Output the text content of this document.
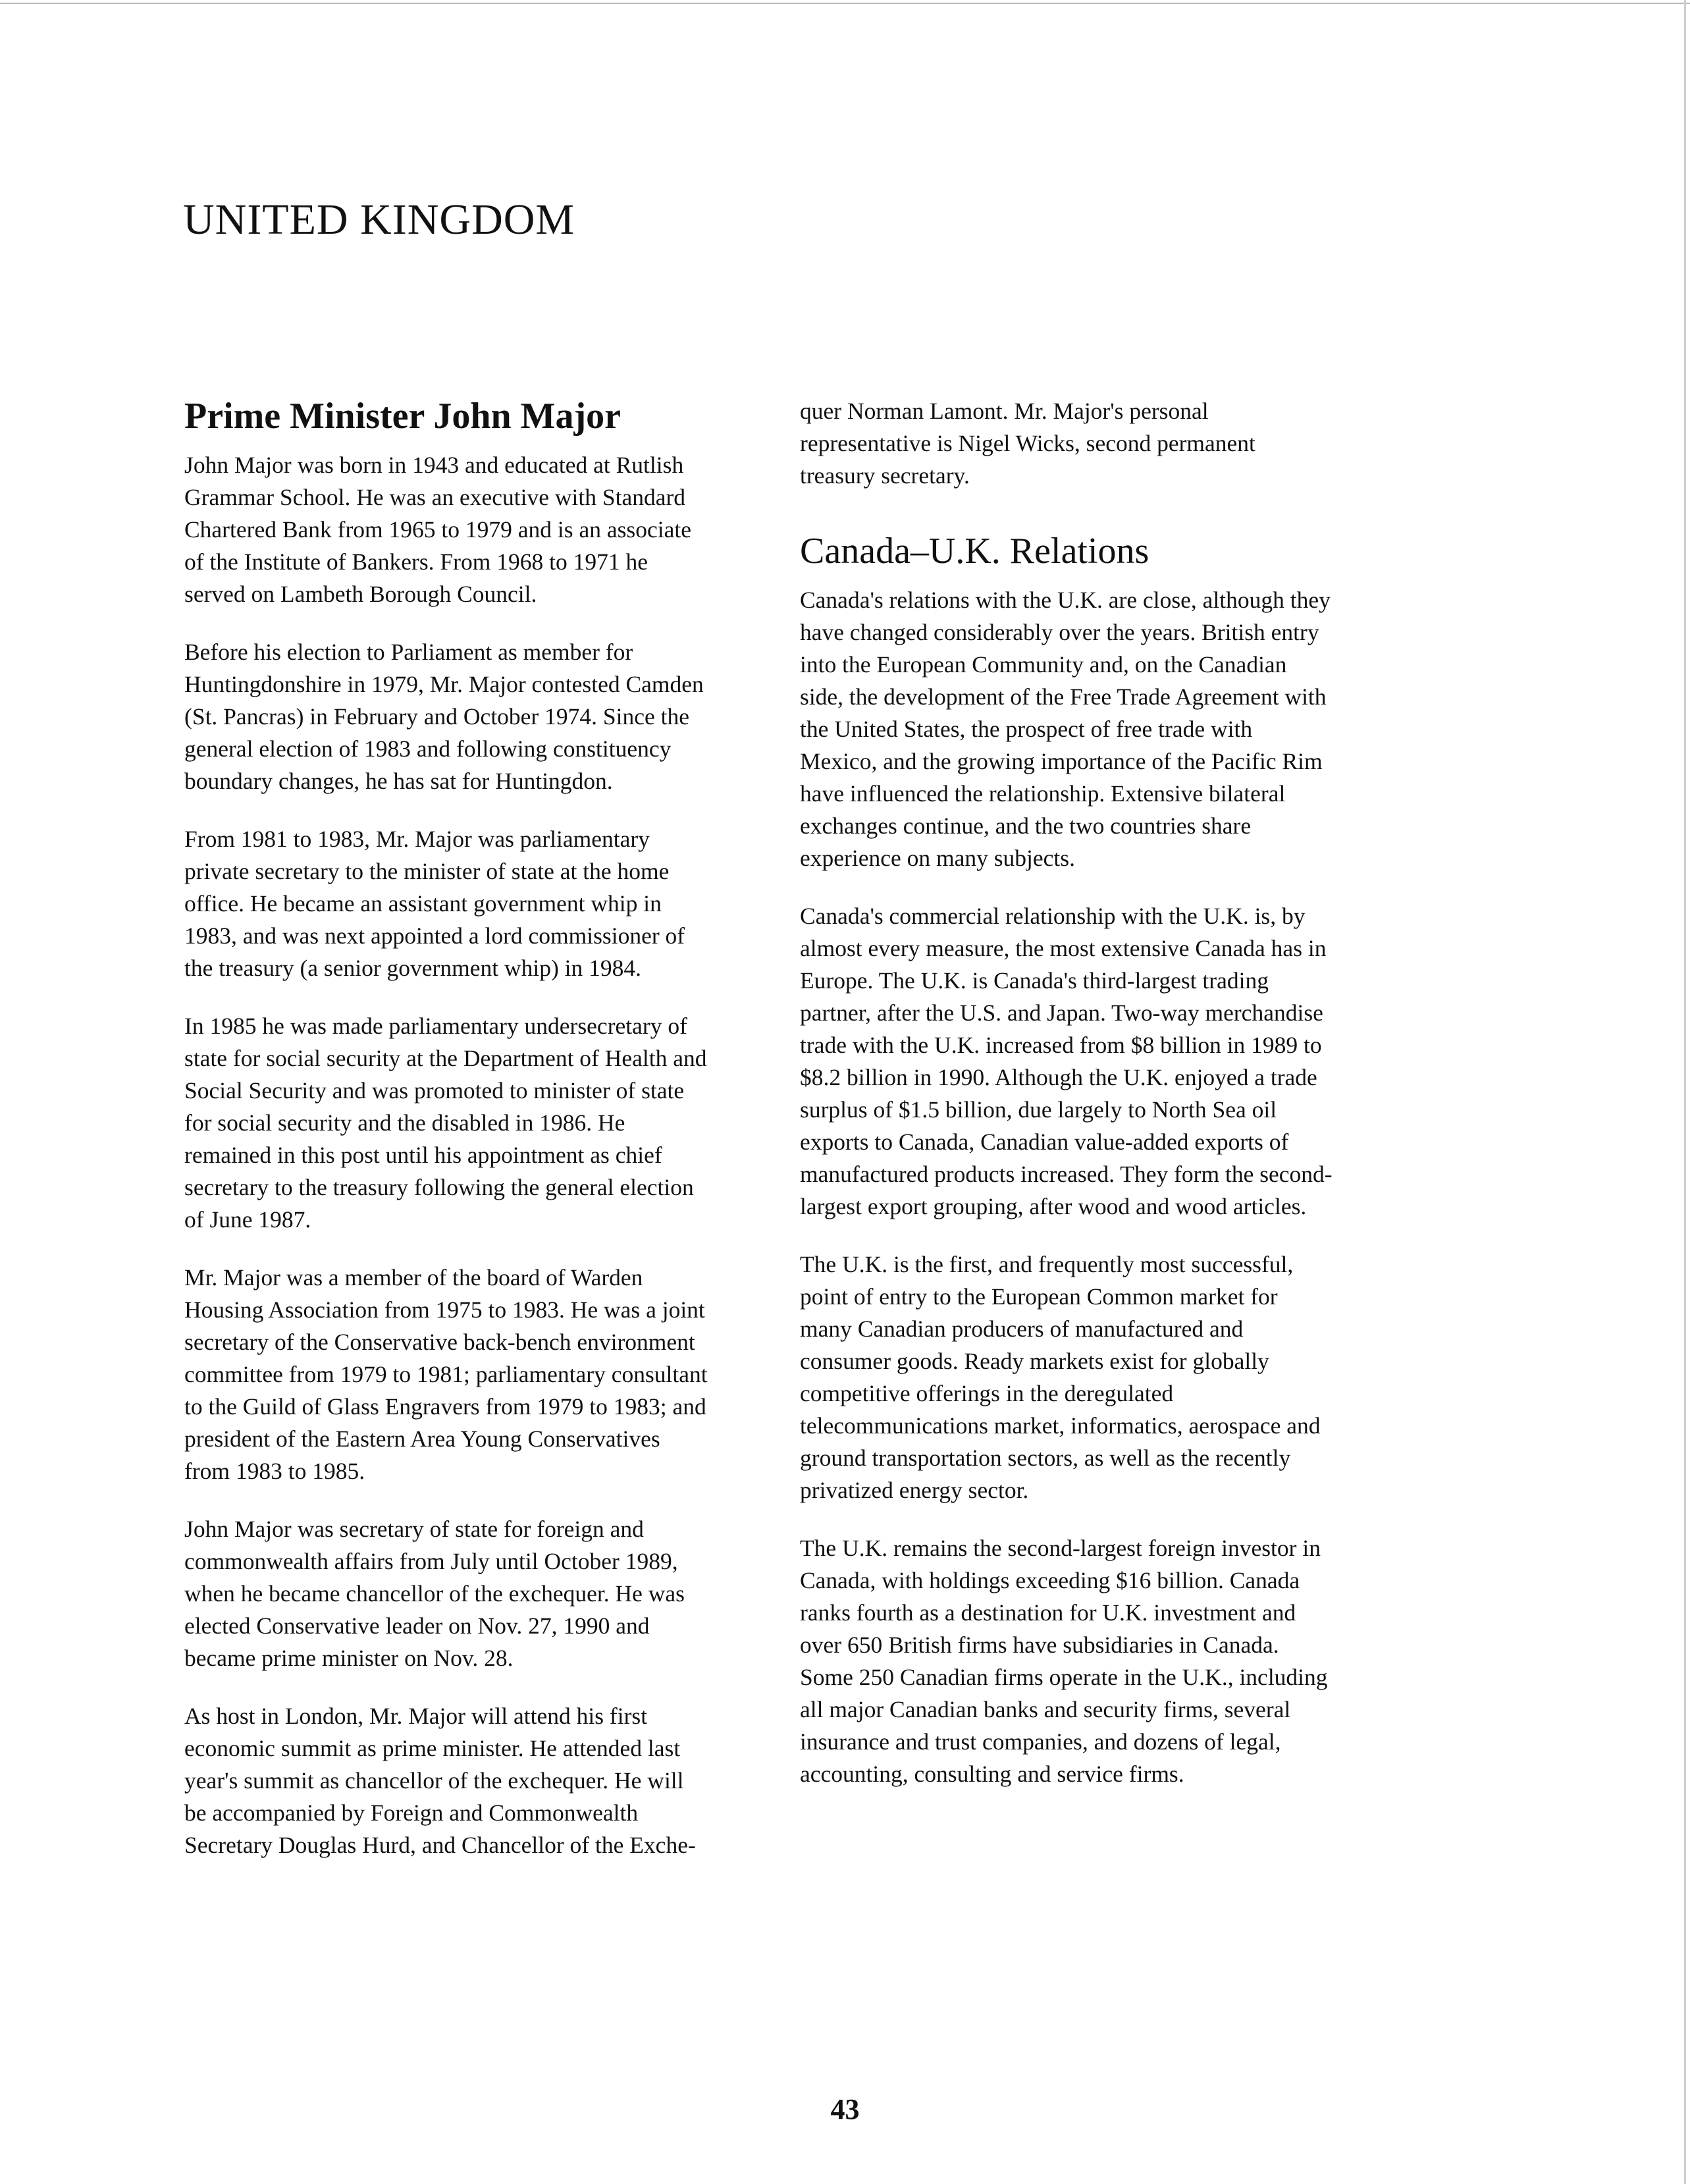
UNITED KINGDOM
Prime Minister John Major

John Major was born in 1943 and educated at Rutlish Grammar School. He was an executive with Standard Chartered Bank from 1965 to 1979 and is an associate of the Institute of Bankers. From 1968 to 1971 he served on Lambeth Borough Council.

Before his election to Parliament as member for Huntingdonshire in 1979, Mr. Major contested Camden (St. Pancras) in February and October 1974. Since the general election of 1983 and following constituency boundary changes, he has sat for Huntingdon.

From 1981 to 1983, Mr. Major was parliamentary private secretary to the minister of state at the home office. He became an assistant government whip in 1983, and was next appointed a lord commissioner of the treasury (a senior government whip) in 1984.

In 1985 he was made parliamentary undersecretary of state for social security at the Department of Health and Social Security and was promoted to minister of state for social security and the disabled in 1986. He remained in this post until his appointment as chief secretary to the treasury following the general election of June 1987.

Mr. Major was a member of the board of Warden Housing Association from 1975 to 1983. He was a joint secretary of the Conservative back-bench environment committee from 1979 to 1981; parliamentary consultant to the Guild of Glass Engravers from 1979 to 1983; and president of the Eastern Area Young Conservatives from 1983 to 1985.

John Major was secretary of state for foreign and commonwealth affairs from July until October 1989, when he became chancellor of the exchequer. He was elected Conservative leader on Nov. 27, 1990 and became prime minister on Nov. 28.

As host in London, Mr. Major will attend his first economic summit as prime minister. He attended last year's summit as chancellor of the exchequer. He will be accompanied by Foreign and Commonwealth Secretary Douglas Hurd, and Chancellor of the Exche-

quer Norman Lamont. Mr. Major's personal representative is Nigel Wicks, second permanent treasury secretary.

Canada–U.K. Relations

Canada's relations with the U.K. are close, although they have changed considerably over the years. British entry into the European Community and, on the Canadian side, the development of the Free Trade Agreement with the United States, the prospect of free trade with Mexico, and the growing importance of the Pacific Rim have influenced the relationship. Extensive bilateral exchanges continue, and the two countries share experience on many subjects.

Canada's commercial relationship with the U.K. is, by almost every measure, the most extensive Canada has in Europe. The U.K. is Canada's third-largest trading partner, after the U.S. and Japan. Two-way merchandise trade with the U.K. increased from $8 billion in 1989 to $8.2 billion in 1990. Although the U.K. enjoyed a trade surplus of $1.5 billion, due largely to North Sea oil exports to Canada, Canadian value-added exports of manufactured products increased. They form the second-largest export grouping, after wood and wood articles.

The U.K. is the first, and frequently most successful, point of entry to the European Common market for many Canadian producers of manufactured and consumer goods. Ready markets exist for globally competitive offerings in the deregulated telecommunications market, informatics, aerospace and ground transportation sectors, as well as the recently privatized energy sector.

The U.K. remains the second-largest foreign investor in Canada, with holdings exceeding $16 billion. Canada ranks fourth as a destination for U.K. investment and over 650 British firms have subsidiaries in Canada. Some 250 Canadian firms operate in the U.K., including all major Canadian banks and security firms, several insurance and trust companies, and dozens of legal, accounting, consulting and service firms.

43
